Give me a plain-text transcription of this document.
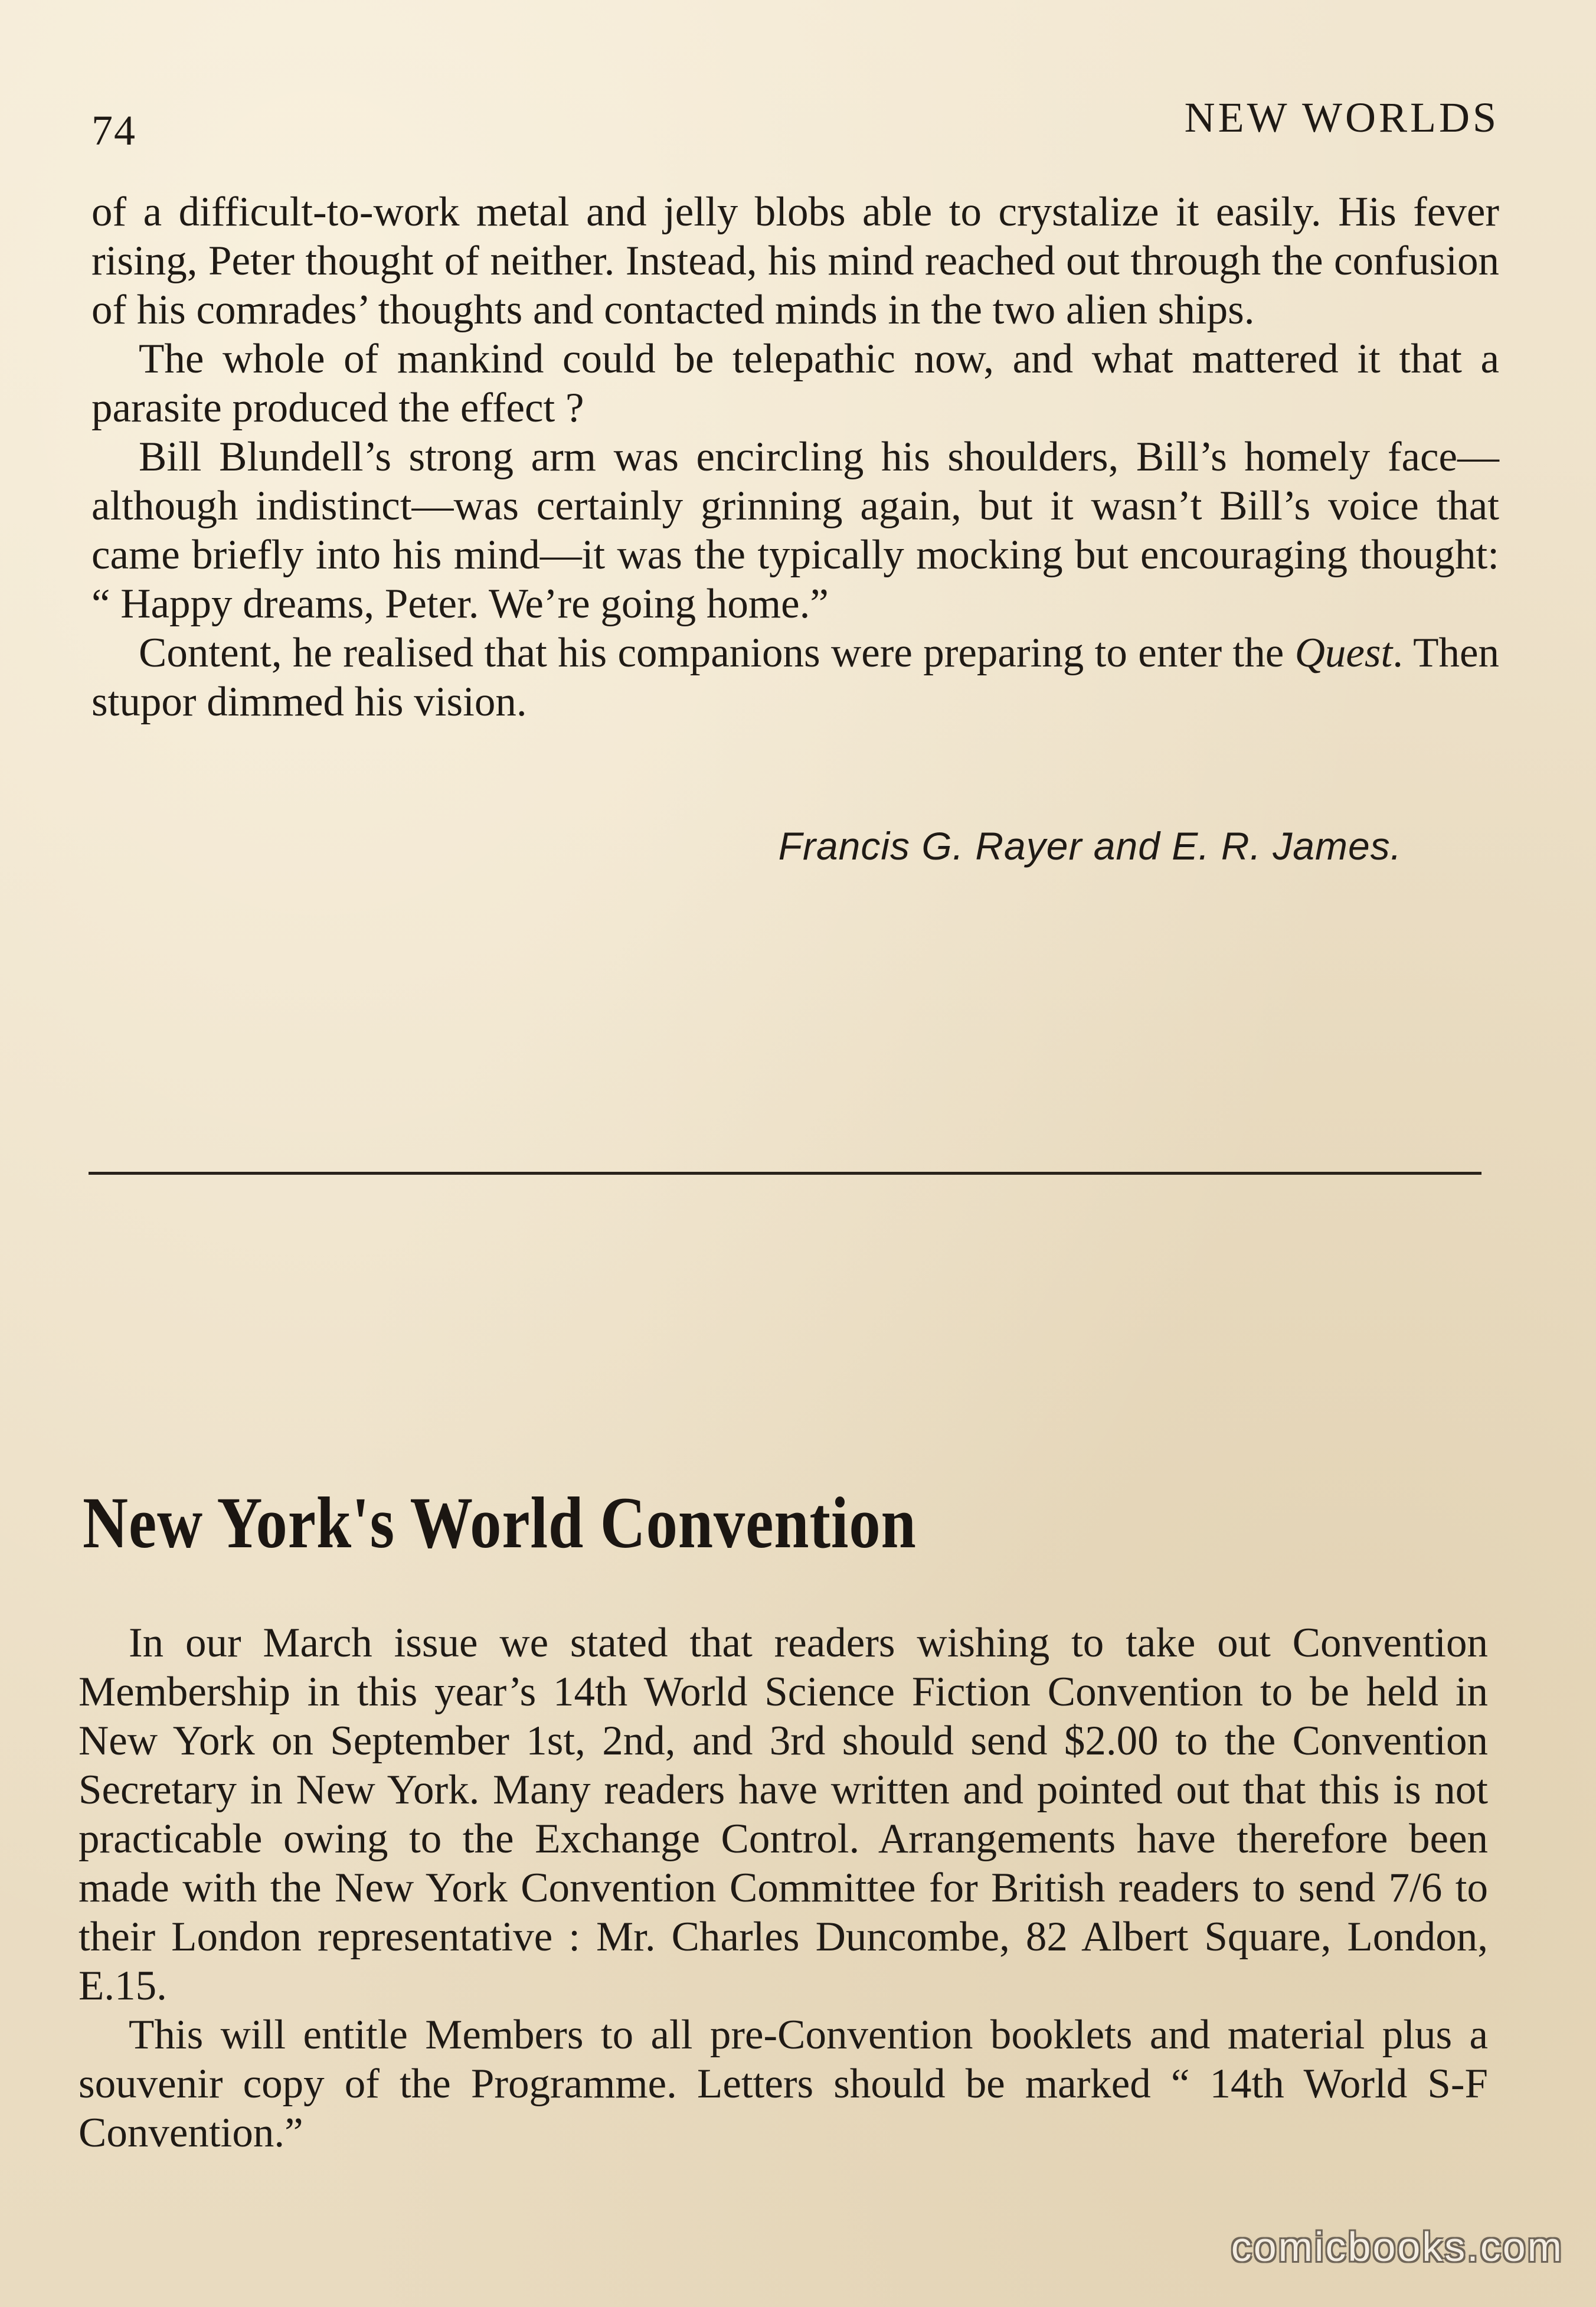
74	NEW WORLDS

of a difficult-to-work metal and jelly blobs able to crystalize it easily. His fever rising, Peter thought of neither. Instead, his mind reached out through the confusion of his comrades’ thoughts and contacted minds in the two alien ships.

The whole of mankind could be telepathic now, and what mattered it that a parasite produced the effect ?

Bill Blundell’s strong arm was encircling his shoulders, Bill’s homely face—although indistinct—was certainly grinning again, but it wasn’t Bill’s voice that came briefly into his mind—it was the typically mocking but encouraging thought: “ Happy dreams, Peter. We’re going home.”

Content, he realised that his companions were preparing to enter the Quest. Then stupor dimmed his vision.

Francis G. Rayer and E. R. James.
New York's World Convention

In our March issue we stated that readers wishing to take out Convention Membership in this year’s 14th World Science Fiction Convention to be held in New York on September 1st, 2nd, and 3rd should send $2.00 to the Convention Secretary in New York. Many readers have written and pointed out that this is not practicable owing to the Exchange Control. Arrangements have therefore been made with the New York Convention Committee for British readers to send 7/6 to their London representative : Mr. Charles Duncombe, 82 Albert Square, London, E.15.

This will entitle Members to all pre-Convention booklets and material plus a souvenir copy of the Programme. Letters should be marked “ 14th World S-F Convention.”

comicbooks.com
